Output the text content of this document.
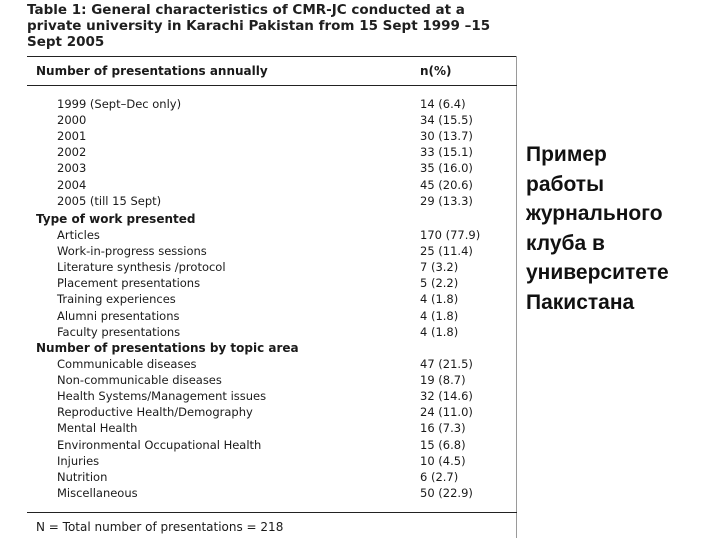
Table 1: General characteristics of CMR-JC conducted at a private university in Karachi Pakistan from 15 Sept 1999 –15 Sept 2005

Number of presentations annually	n(%)
1999 (Sept–Dec only)	14 (6.4)
2000	34 (15.5)
2001	30 (13.7)
2002	33 (15.1)
2003	35 (16.0)
2004	45 (20.6)
2005 (till 15 Sept)	29 (13.3)
Type of work presented
Articles	170 (77.9)
Work-in-progress sessions	25 (11.4)
Literature synthesis /protocol	7 (3.2)
Placement presentations	5 (2.2)
Training experiences	4 (1.8)
Alumni presentations	4 (1.8)
Faculty presentations	4 (1.8)
Number of presentations by topic area
Communicable diseases	47 (21.5)
Non-communicable diseases	19 (8.7)
Health Systems/Management issues	32 (14.6)
Reproductive Health/Demography	24 (11.0)
Mental Health	16 (7.3)
Environmental Occupational Health	15 (6.8)
Injuries	10 (4.5)
Nutrition	6 (2.7)
Miscellaneous	50 (22.9)
N = Total number of presentations = 218
Пример
работы
журнального
клуба в
университете
Пакистана
